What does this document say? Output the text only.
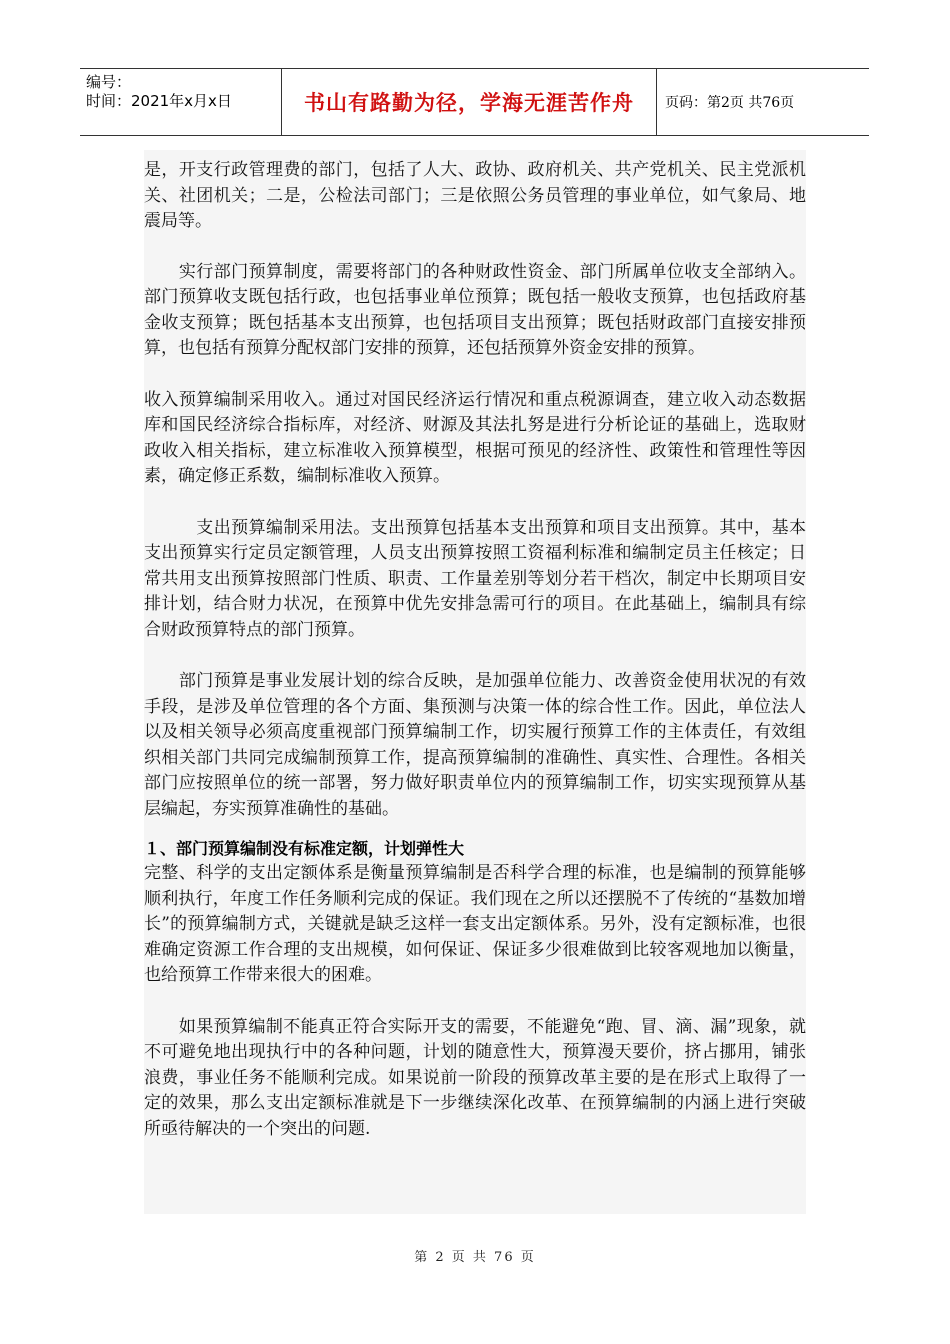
编号：
时间：2021年x月x日	书山有路勤为径，学海无涯苦作舟	页码：第2页 共76页

是，开支行政管理费的部门，包括了人大、政协、政府机关、共产党机关、民主党派机关、社团机关；二是，公检法司部门；三是依照公务员管理的事业单位，如气象局、地震局等。

　　实行部门预算制度，需要将部门的各种财政性资金、部门所属单位收支全部纳入。部门预算收支既包括行政，也包括事业单位预算；既包括一般收支预算，也包括政府基金收支预算；既包括基本支出预算，也包括项目支出预算；既包括财政部门直接安排预算，也包括有预算分配权部门安排的预算，还包括预算外资金安排的预算。

收入预算编制采用收入。通过对国民经济运行情况和重点税源调查，建立收入动态数据库和国民经济综合指标库，对经济、财源及其法扎努是进行分析论证的基础上，选取财政收入相关指标，建立标准收入预算模型，根据可预见的经济性、政策性和管理性等因素，确定修正系数，编制标准收入预算。

　　　支出预算编制采用法。支出预算包括基本支出预算和项目支出预算。其中，基本支出预算实行定员定额管理，人员支出预算按照工资福利标准和编制定员主任核定；日常共用支出预算按照部门性质、职责、工作量差别等划分若干档次，制定中长期项目安排计划，结合财力状况，在预算中优先安排急需可行的项目。在此基础上，编制具有综合财政预算特点的部门预算。

　　部门预算是事业发展计划的综合反映，是加强单位能力、改善资金使用状况的有效手段，是涉及单位管理的各个方面、集预测与决策一体的综合性工作。因此，单位法人以及相关领导必须高度重视部门预算编制工作，切实履行预算工作的主体责任，有效组织相关部门共同完成编制预算工作，提高预算编制的准确性、真实性、合理性。各相关部门应按照单位的统一部署，努力做好职责单位内的预算编制工作，切实实现预算从基层编起，夯实预算准确性的基础。

１、部门预算编制没有标准定额，计划弹性大

完整、科学的支出定额体系是衡量预算编制是否科学合理的标准，也是编制的预算能够顺利执行，年度工作任务顺利完成的保证。我们现在之所以还摆脱不了传统的“基数加增长”的预算编制方式，关键就是缺乏这样一套支出定额体系。另外，没有定额标准，也很难确定资源工作合理的支出规模，如何保证、保证多少很难做到比较客观地加以衡量，也给预算工作带来很大的困难。

　　如果预算编制不能真正符合实际开支的需要，不能避免“跑、冒、滴、漏”现象，就不可避免地出现执行中的各种问题，计划的随意性大，预算漫天要价，挤占挪用，铺张浪费，事业任务不能顺利完成。如果说前一阶段的预算改革主要的是在形式上取得了一定的效果，那么支出定额标准就是下一步继续深化改革、在预算编制的内涵上进行突破所亟待解决的一个突出的问题.

第 2 页 共 76 页
